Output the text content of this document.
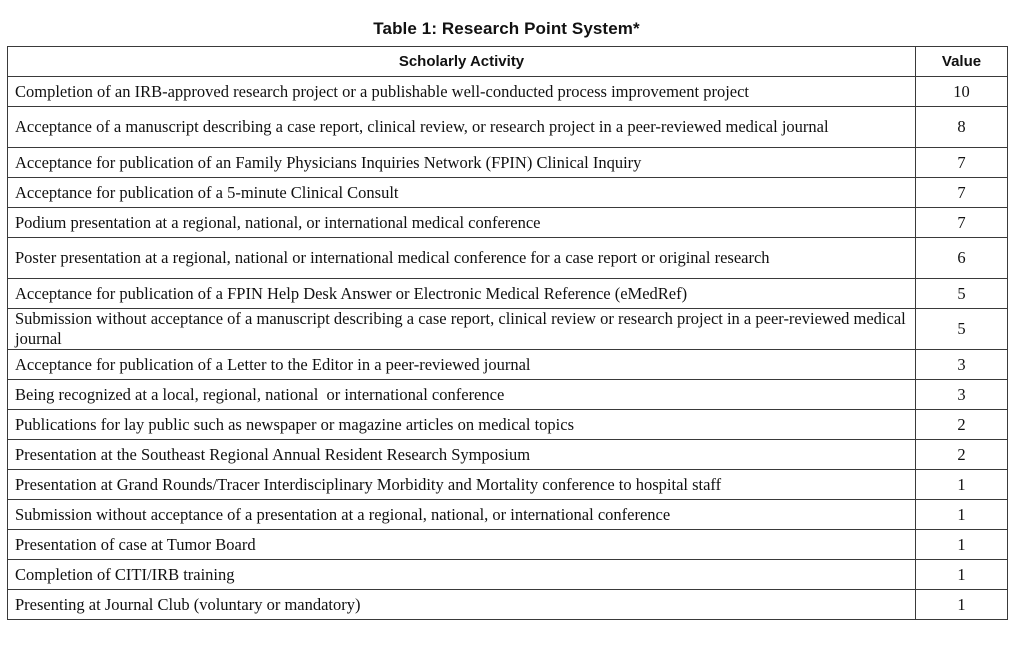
Table 1: Research Point System*
Scholarly Activity	Value
Completion of an IRB-approved research project or a publishable well-conducted process improvement project	10
Acceptance of a manuscript describing a case report, clinical review, or research project in a peer-reviewed medical journal	8
Acceptance for publication of an Family Physicians Inquiries Network (FPIN) Clinical Inquiry	7
Acceptance for publication of a 5-minute Clinical Consult	7
Podium presentation at a regional, national, or international medical conference	7
Poster presentation at a regional, national or international medical conference for a case report or original research	6
Acceptance for publication of a FPIN Help Desk Answer or Electronic Medical Reference (eMedRef)	5
Submission without acceptance of a manuscript describing a case report, clinical review or research project in a peer-reviewed medical journal	5
Acceptance for publication of a Letter to the Editor in a peer-reviewed journal	3
Being recognized at a local, regional, national  or international conference	3
Publications for lay public such as newspaper or magazine articles on medical topics	2
Presentation at the Southeast Regional Annual Resident Research Symposium	2
Presentation at Grand Rounds/Tracer Interdisciplinary Morbidity and Mortality conference to hospital staff	1
Submission without acceptance of a presentation at a regional, national, or international conference	1
Presentation of case at Tumor Board	1
Completion of CITI/IRB training	1
Presenting at Journal Club (voluntary or mandatory)	1
